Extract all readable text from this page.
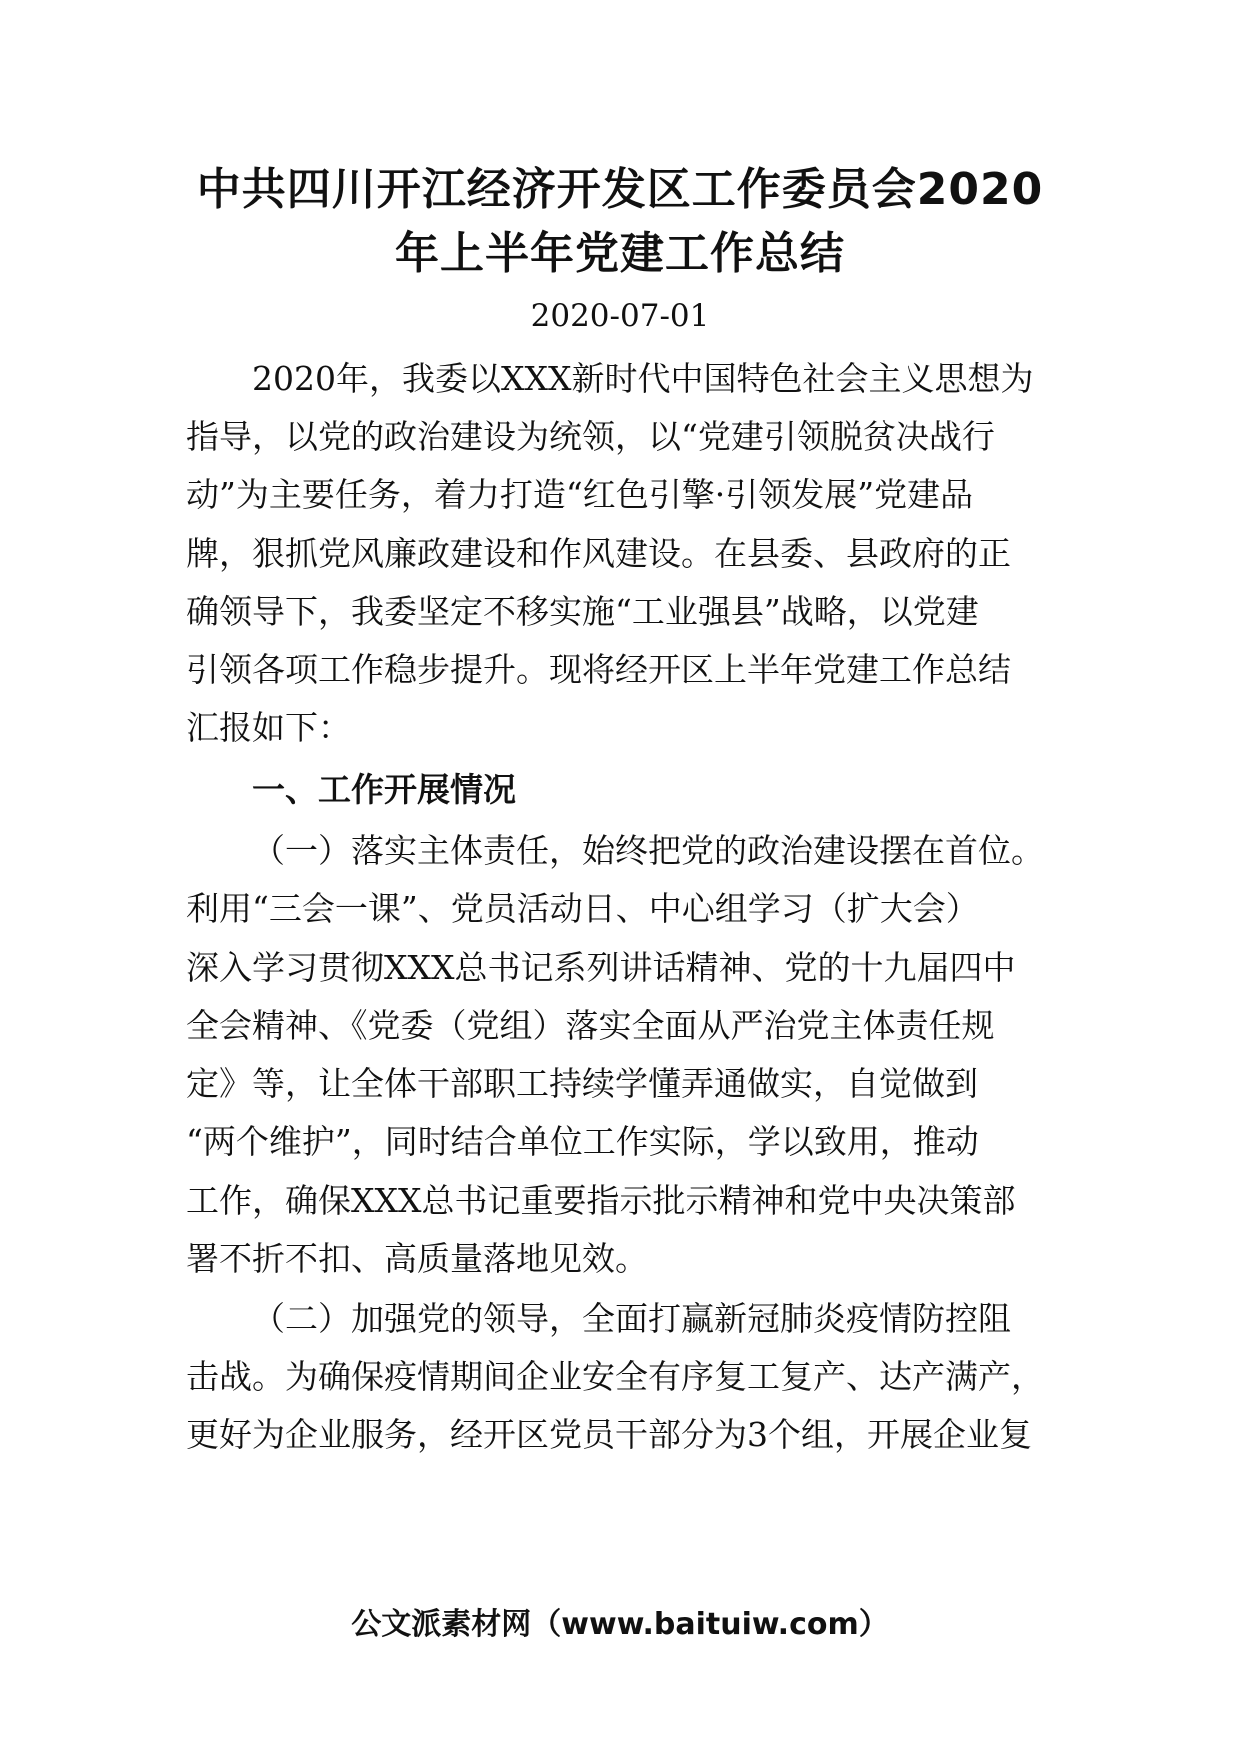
中共四川开江经济开发区工作委员会2020
年上半年党建工作总结
2020-07-01
2020年，我委以XXX新时代中国特色社会主义思想为
指导，以党的政治建设为统领，以“党建引领脱贫决战行
动”为主要任务，着力打造“红色引擎·引领发展”党建品
牌，狠抓党风廉政建设和作风建设。在县委、县政府的正
确领导下，我委坚定不移实施“工业强县”战略，以党建
引领各项工作稳步提升。现将经开区上半年党建工作总结
汇报如下：
一、工作开展情况
（一）落实主体责任，始终把党的政治建设摆在首位。
利用“三会一课”、党员活动日、中心组学习（扩大会）
深入学习贯彻XXX总书记系列讲话精神、党的十九届四中
全会精神、《党委（党组）落实全面从严治党主体责任规
定》等，让全体干部职工持续学懂弄通做实，自觉做到
“两个维护”，同时结合单位工作实际，学以致用，推动
工作，确保XXX总书记重要指示批示精神和党中央决策部
署不折不扣、高质量落地见效。
（二）加强党的领导，全面打赢新冠肺炎疫情防控阻
击战。为确保疫情期间企业安全有序复工复产、达产满产，
更好为企业服务，经开区党员干部分为3个组，开展企业复
公文派素材网（www.baituiw.com）
